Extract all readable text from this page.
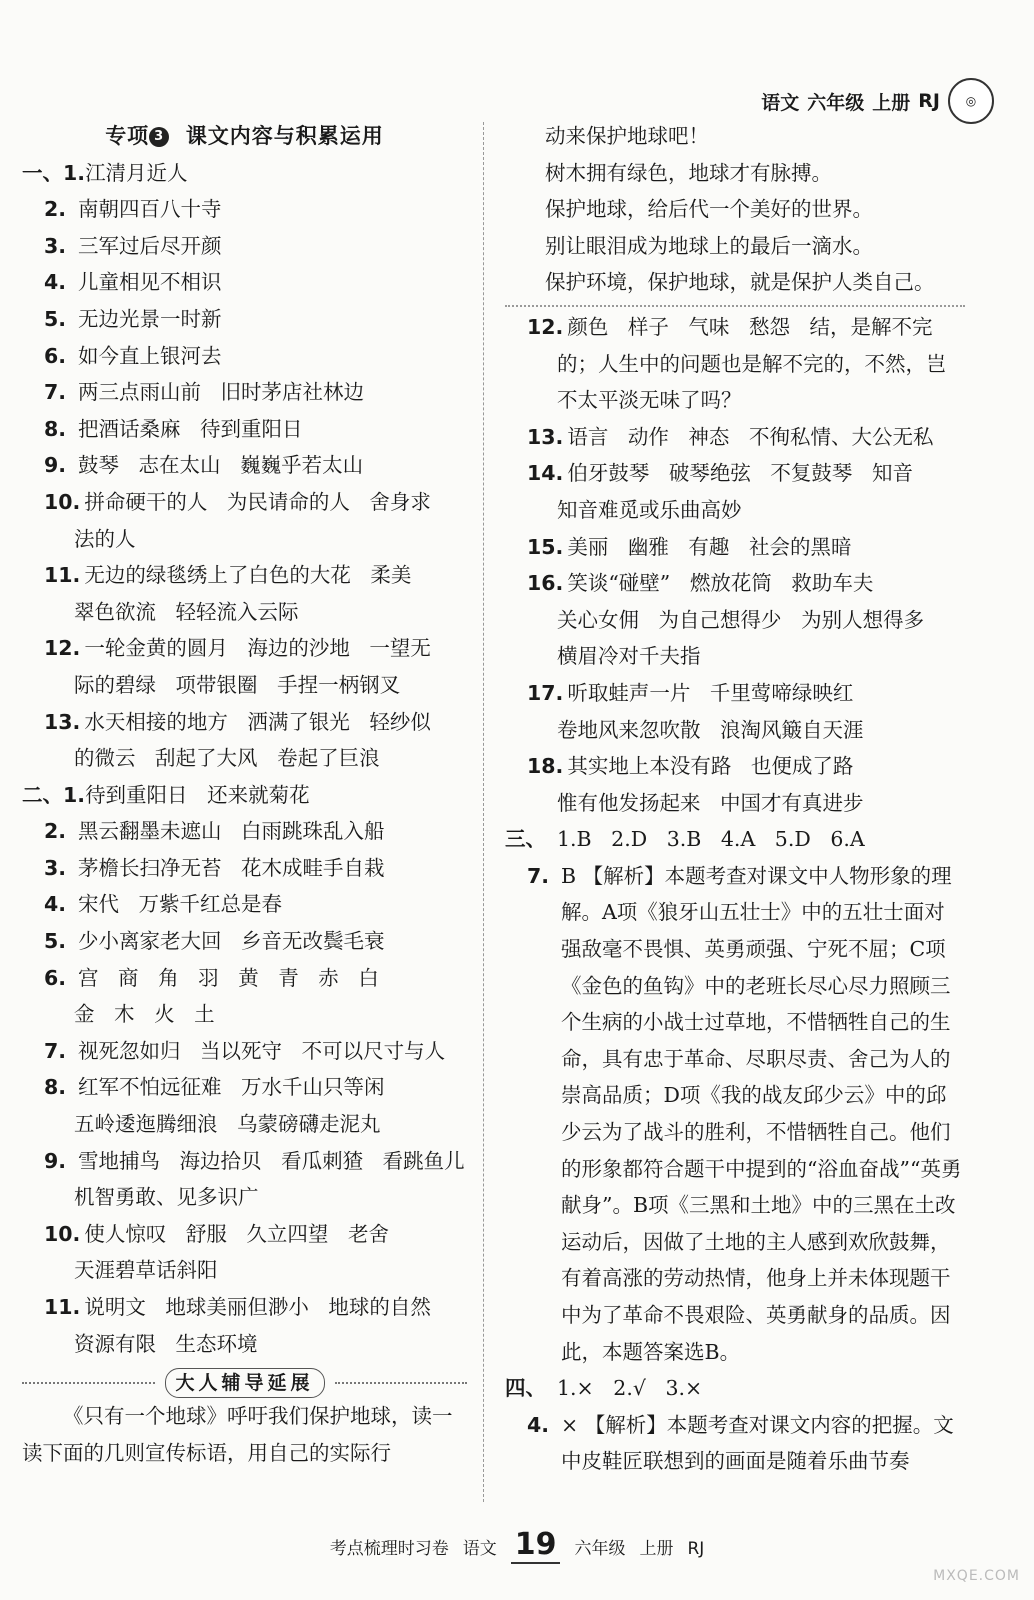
语文 六年级 上册 RJ	◎
专项 3 课文内容与积累运用
一、1. 江清月近人
2. 南朝四百八十寺
3. 三军过后尽开颜
4. 儿童相见不相识
5. 无边光景一时新
6. 如今直上银河去
7. 两三点雨山前   旧时茅店社林边
8. 把酒话桑麻   待到重阳日
9. 鼓琴   志在太山   巍巍乎若太山
10. 拼命硬干的人   为民请命的人   舍身求
法的人
11. 无边的绿毯绣上了白色的大花   柔美
翠色欲流   轻轻流入云际
12. 一轮金黄的圆月   海边的沙地   一望无
际的碧绿   项带银圈   手捏一柄钢叉
13. 水天相接的地方   洒满了银光   轻纱似
的微云   刮起了大风   卷起了巨浪
二、1. 待到重阳日   还来就菊花
2. 黑云翻墨未遮山   白雨跳珠乱入船
3. 茅檐长扫净无苔   花木成畦手自栽
4. 宋代   万紫千红总是春
5. 少小离家老大回   乡音无改鬓毛衰
6. 宫   商   角   羽   黄   青   赤   白
金   木   火   土
7. 视死忽如归   当以死守   不可以尺寸与人
8. 红军不怕远征难   万水千山只等闲
五岭逶迤腾细浪   乌蒙磅礴走泥丸
9. 雪地捕鸟   海边拾贝   看瓜刺猹   看跳鱼儿
机智勇敢、见多识广
10. 使人惊叹   舒服   久立四望   老舍
天涯碧草话斜阳
11. 说明文   地球美丽但渺小   地球的自然
资源有限   生态环境
大人辅导延展
《只有一个地球》呼吁我们保护地球，读一读下面的几则宣传标语，用自己的实际行
动来保护地球吧！
树木拥有绿色，地球才有脉搏。
保护地球，给后代一个美好的世界。
别让眼泪成为地球上的最后一滴水。
保护环境，保护地球，就是保护人类自己。
12. 颜色   样子   气味   愁怨   结，是解不完
的；人生中的问题也是解不完的，不然，岂
不太平淡无味了吗？
13. 语言   动作   神态   不徇私情、大公无私
14. 伯牙鼓琴   破琴绝弦   不复鼓琴   知音
知音难觅或乐曲高妙
15. 美丽   幽雅   有趣   社会的黑暗
16. 笑谈“碰壁”   燃放花筒   救助车夫
关心女佣   为自己想得少   为别人想得多
横眉冷对千夫指
17. 听取蛙声一片   千里莺啼绿映红
卷地风来忽吹散   浪淘风簸自天涯
18. 其实地上本没有路   也便成了路
惟有他发扬起来   中国才有真进步
三、 1.B   2.D   3.B   4.A   5.D   6.A
7. B 【解析】本题考查对课文中人物形象的理解。A项《狼牙山五壮士》中的五壮士面对强敌毫不畏惧、英勇顽强、宁死不屈；C项《金色的鱼钩》中的老班长尽心尽力照顾三个生病的小战士过草地，不惜牺牲自己的生命，具有忠于革命、尽职尽责、舍己为人的崇高品质；D项《我的战友邱少云》中的邱少云为了战斗的胜利，不惜牺牲自己。他们的形象都符合题干中提到的“浴血奋战”“英勇献身”。B项《三黑和土地》中的三黑在土改运动后，因做了土地的主人感到欢欣鼓舞，有着高涨的劳动热情，他身上并未体现题干中为了革命不畏艰险、英勇献身的品质。因此，本题答案选B。
四、 1.×   2.√   3.×
4. × 【解析】本题考查对课文内容的把握。文中皮鞋匠联想到的画面是随着乐曲节奏
考点梳理时习卷 语文 19 六年级 上册 RJ
MXQE.COM
